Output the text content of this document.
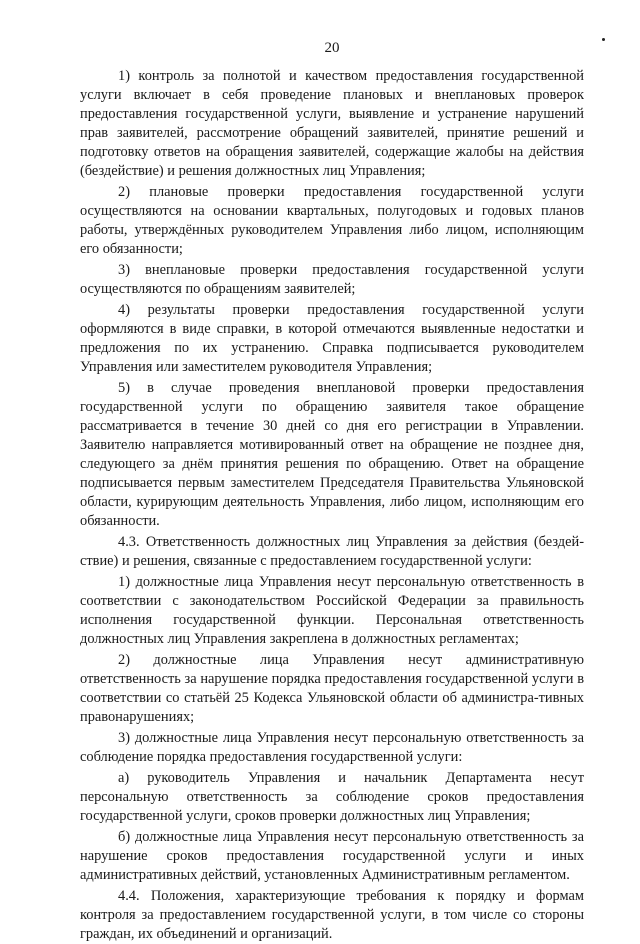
20

1) контроль за полнотой и качеством предоставления государственной услуги включает в себя проведение плановых и внеплановых проверок предоставления государственной услуги, выявление и устранение нарушений прав заявителей, рассмотрение обращений заявителей, принятие решений и подготовку ответов на обращения заявителей, содержащие жалобы на действия (бездействие) и решения должностных лиц Управления;

2) плановые проверки предоставления государственной услуги осуществляются на основании квартальных, полугодовых и годовых планов работы, утверждённых руководителем Управления либо лицом, исполняющим его обязанности;

3) внеплановые проверки предоставления государственной услуги осуществляются по обращениям заявителей;

4) результаты проверки предоставления государственной услуги оформляются в виде справки, в которой отмечаются выявленные недостатки и предложения по их устранению. Справка подписывается руководителем Управления или заместителем руководителя Управления;

5) в случае проведения внеплановой проверки предоставления государственной услуги по обращению заявителя такое обращение рассматривается в течение 30 дней со дня его регистрации в Управлении. Заявителю направляется мотивированный ответ на обращение не позднее дня, следующего за днём принятия решения по обращению. Ответ на обращение подписывается первым заместителем Председателя Правительства Ульяновской области, курирующим деятельность Управления, либо лицом, исполняющим его обязанности.

4.3. Ответственность должностных лиц Управления за действия (бездей-ствие) и решения, связанные с предоставлением государственной услуги:

1) должностные лица Управления несут персональную ответственность в соответствии с законодательством Российской Федерации за правильность исполнения государственной функции. Персональная ответственность должностных лиц Управления закреплена в должностных регламентах;

2) должностные лица Управления несут административную ответственность за нарушение порядка предоставления государственной услуги в соответствии со статьёй 25 Кодекса Ульяновской области об администра-тивных правонарушениях;

3) должностные лица Управления несут персональную ответственность за соблюдение порядка предоставления государственной услуги:

а) руководитель Управления и начальник Департамента несут персональную ответственность за соблюдение сроков предоставления государственной услуги, сроков проверки должностных лиц Управления;

б) должностные лица Управления несут персональную ответственность за нарушение сроков предоставления государственной услуги и иных административных действий, установленных Административным регламентом.

4.4. Положения, характеризующие требования к порядку и формам контроля за предоставлением государственной услуги, в том числе со стороны граждан, их объединений и организаций.
